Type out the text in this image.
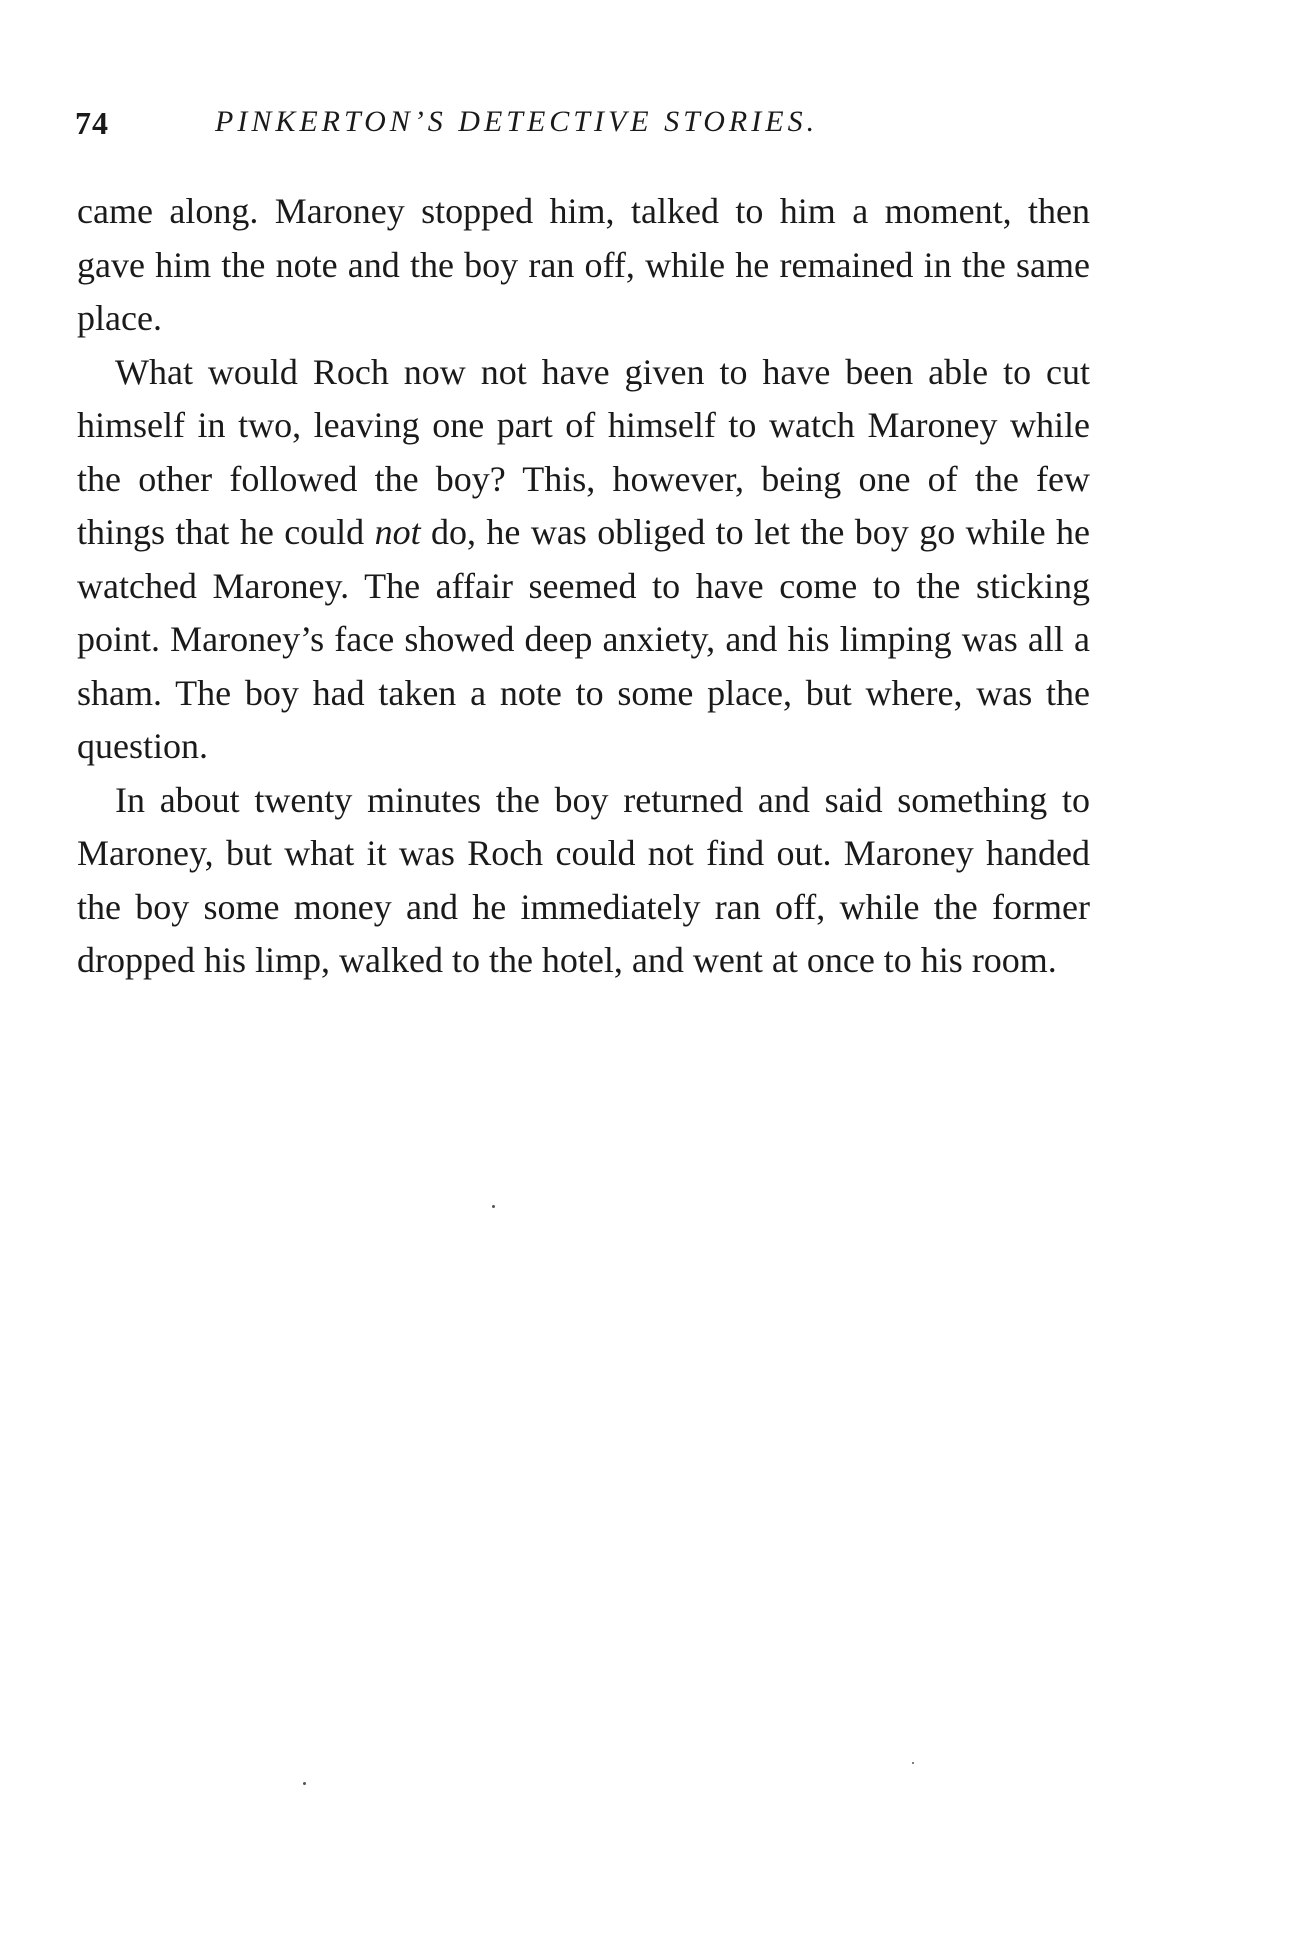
74	PINKERTON’S DETECTIVE STORIES.

came along. Maroney stopped him, talked to him a moment, then gave him the note and the boy ran off, while he remained in the same place.

What would Roch now not have given to have been able to cut himself in two, leaving one part of himself to watch Maroney while the other followed the boy? This, however, being one of the few things that he could not do, he was obliged to let the boy go while he watched Maroney. The affair seemed to have come to the sticking point. Maroney’s face showed deep anxiety, and his limping was all a sham. The boy had taken a note to some place, but where, was the question.

In about twenty minutes the boy returned and said something to Maroney, but what it was Roch could not find out. Maroney handed the boy some money and he immediately ran off, while the former dropped his limp, walked to the hotel, and went at once to his room.
